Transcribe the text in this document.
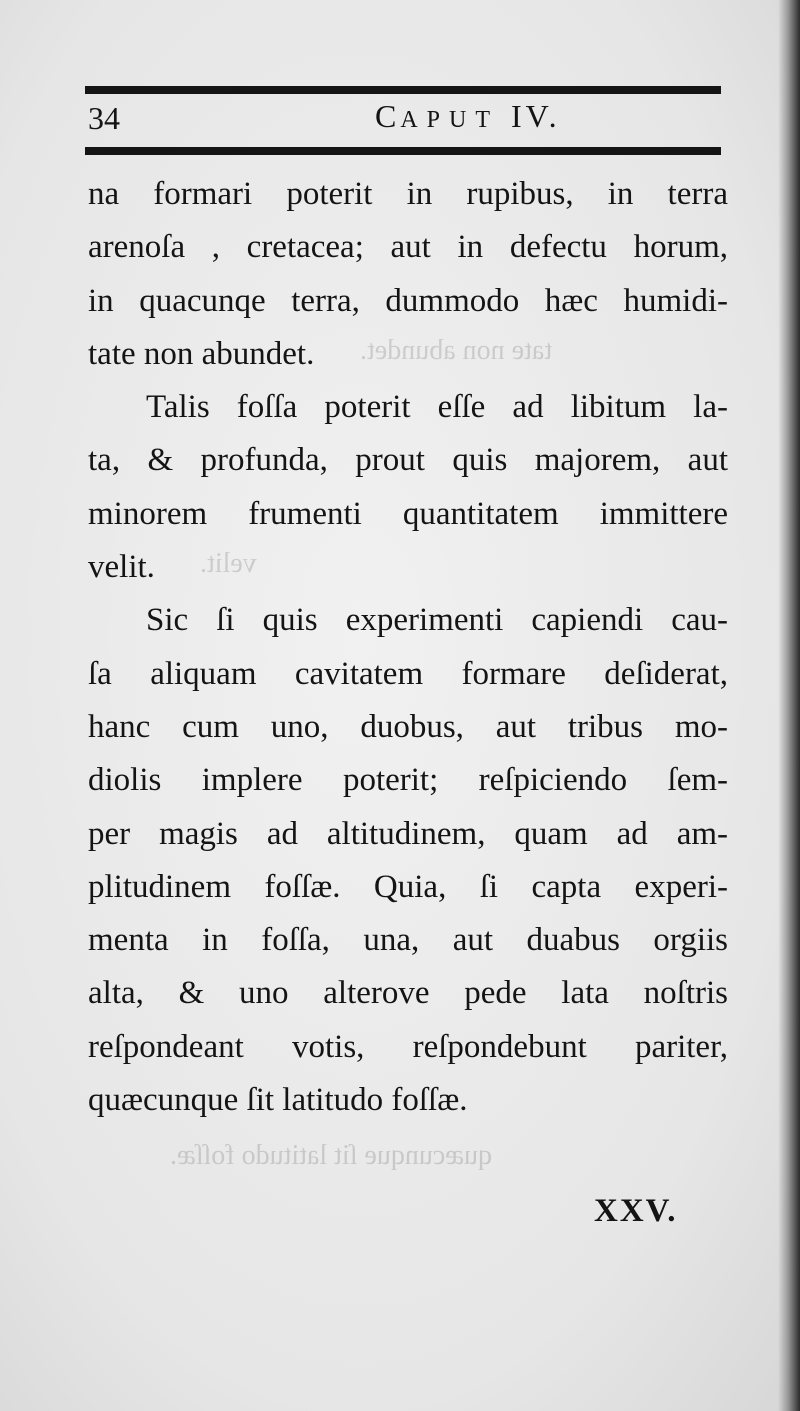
tate non abundet.
velit.
quæcunque ſit latitudo foſſæ.
34	CAPUT IV.
na formari poterit in rupibus, in terra
arenoſa , cretacea; aut in defectu horum,
in quacunqe terra, dummodo hæc humidi-
tate non abundet.
Talis foſſa poterit eſſe ad libitum la-
ta, & profunda, prout quis majorem, aut
minorem frumenti quantitatem immittere
velit.
Sic ſi quis experimenti capiendi cau-
ſa aliquam cavitatem formare deſiderat,
hanc cum uno, duobus, aut tribus mo-
diolis implere poterit; reſpiciendo ſem-
per magis ad altitudinem, quam ad am-
plitudinem foſſæ. Quia, ſi capta experi-
menta in foſſa, una, aut duabus orgiis
alta, & uno alterove pede lata noſtris
reſpondeant votis, reſpondebunt pariter,
quæcunque ſit latitudo foſſæ.
XXV.
